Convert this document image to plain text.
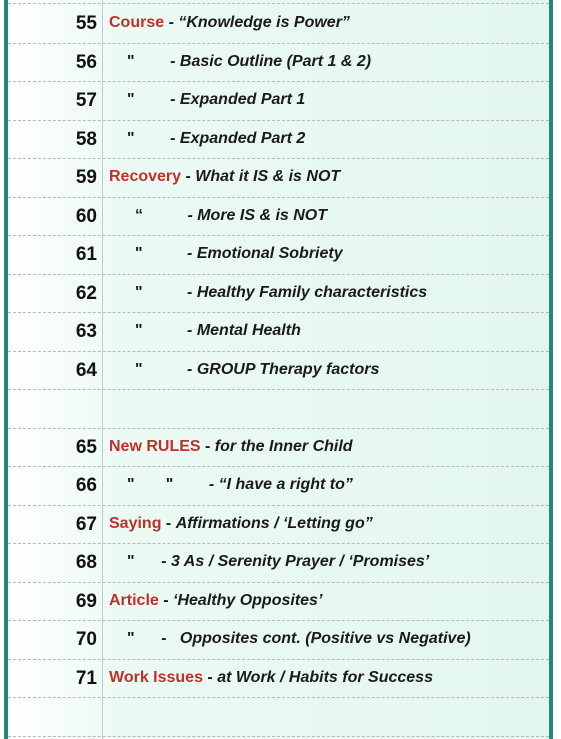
55 Course - “Knowledge is Power”
56	" - Basic Outline (Part 1 & 2)
57	" - Expanded Part 1
58	" - Expanded Part 2
59 Recovery - What it IS & is NOT
60	“	- More IS & is NOT
61	"	- Emotional Sobriety
62	"	- Healthy Family characteristics
63	"	- Mental Health
64	"	- GROUP Therapy factors
65 New RULES - for the Inner Child
66	"       " - “I have a right to”
67 Saying - Affirmations / ‘Letting go”
68	" - 3 As / Serenity Prayer / ‘Promises’
69 Article - ‘Healthy Opposites’
70	" -   Opposites cont. (Positive vs Negative)
71 Work Issues - at Work / Habits for Success
